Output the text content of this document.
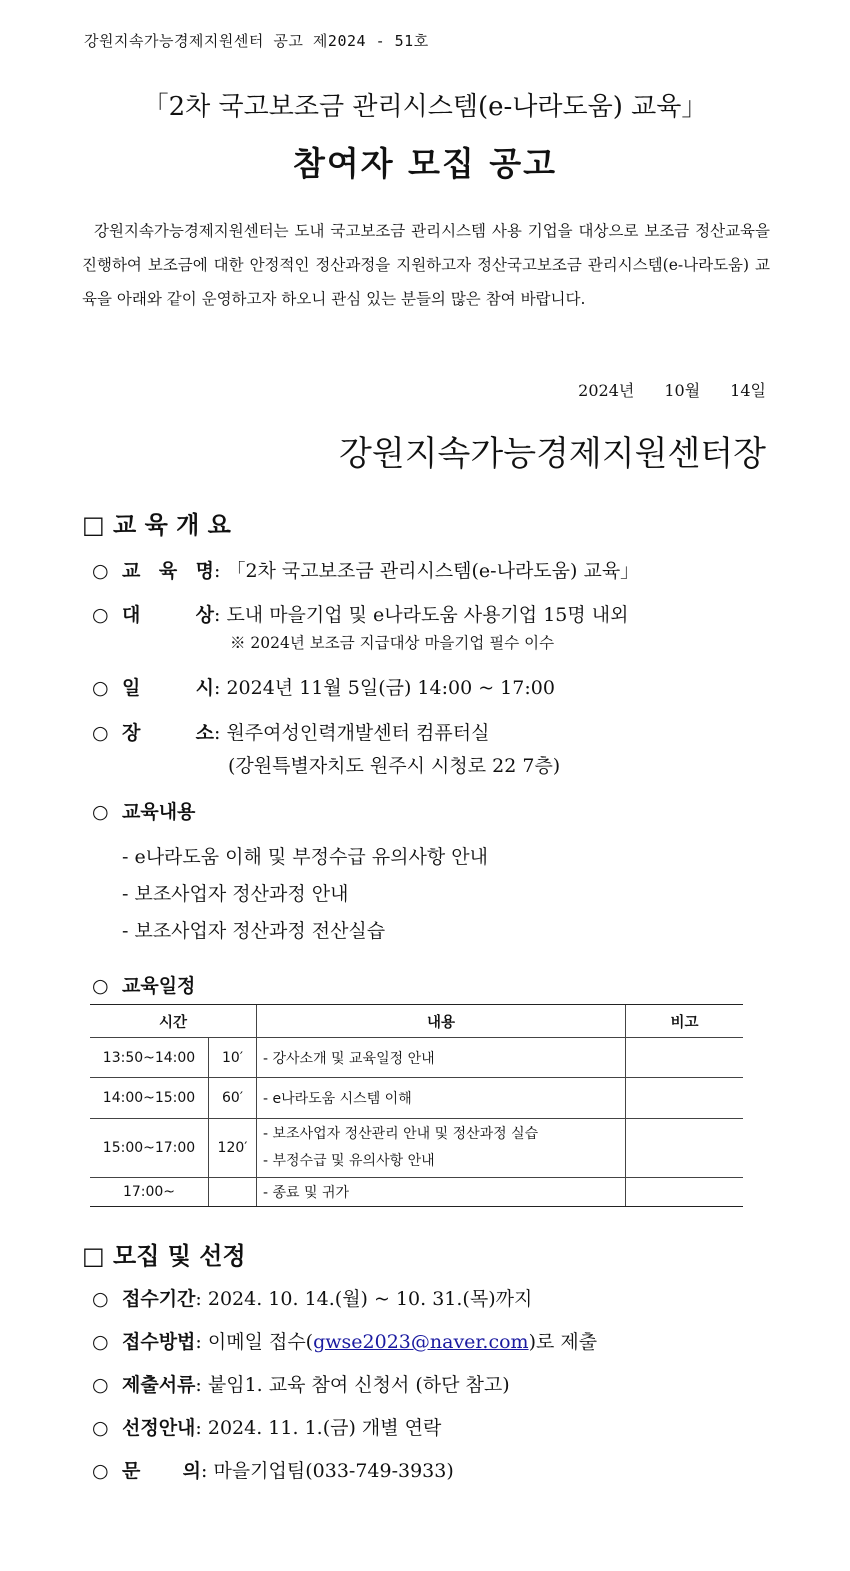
강원지속가능경제지원센터 공고 제2024 - 51호
「2차 국고보조금 관리시스템(e-나라도움) 교육」
참여자 모집 공고
강원지속가능경제지원센터는 도내 국고보조금 관리시스템 사용 기업을 대상으로 보조금 정산교육을 진행하여 보조금에 대한 안정적인 정산과정을 지원하고자 정산국고보조금 관리시스템(e-나라도움) 교육을 아래와 같이 운영하고자 하오니 관심 있는 분들의 많은 참여 바랍니다.
2024년 10월 14일
강원지속가능경제지원센터장
□ 교 육 개 요
○ 교 육 명: 「2차 국고보조금 관리시스템(e-나라도움) 교육」
○ 대 상: 도내 마을기업 및 e나라도움 사용기업 15명 내외
※ 2024년 보조금 지급대상 마을기업 필수 이수
○ 일 시: 2024년 11월 5일(금) 14:00 ~ 17:00
○ 장 소: 원주여성인력개발센터 컴퓨터실
(강원특별자치도 원주시 시청로 22 7층)
○ 교육내용
- e나라도움 이해 및 부정수급 유의사항 안내
- 보조사업자 정산과정 안내
- 보조사업자 정산과정 전산실습
○ 교육일정
시간		내용	비고
13:50~14:00	10′	- 강사소개 및 교육일정 안내	
14:00~15:00	60′	- e나라도움 시스템 이해	
15:00~17:00	120′	- 보조사업자 정산관리 안내 및 정산과정 실습
- 부정수급 및 유의사항 안내	

17:00~		- 종료 및 귀가	
□ 모집 및 선정
○ 접수기간: 2024. 10. 14.(월) ~ 10. 31.(목)까지
○ 접수방법: 이메일 접수(gwse2023@naver.com)로 제출
○ 제출서류: 붙임1. 교육 참여 신청서 (하단 참고)
○ 선정안내: 2024. 11. 1.(금) 개별 연락
○ 문 의: 마을기업팀(033-749-3933)
